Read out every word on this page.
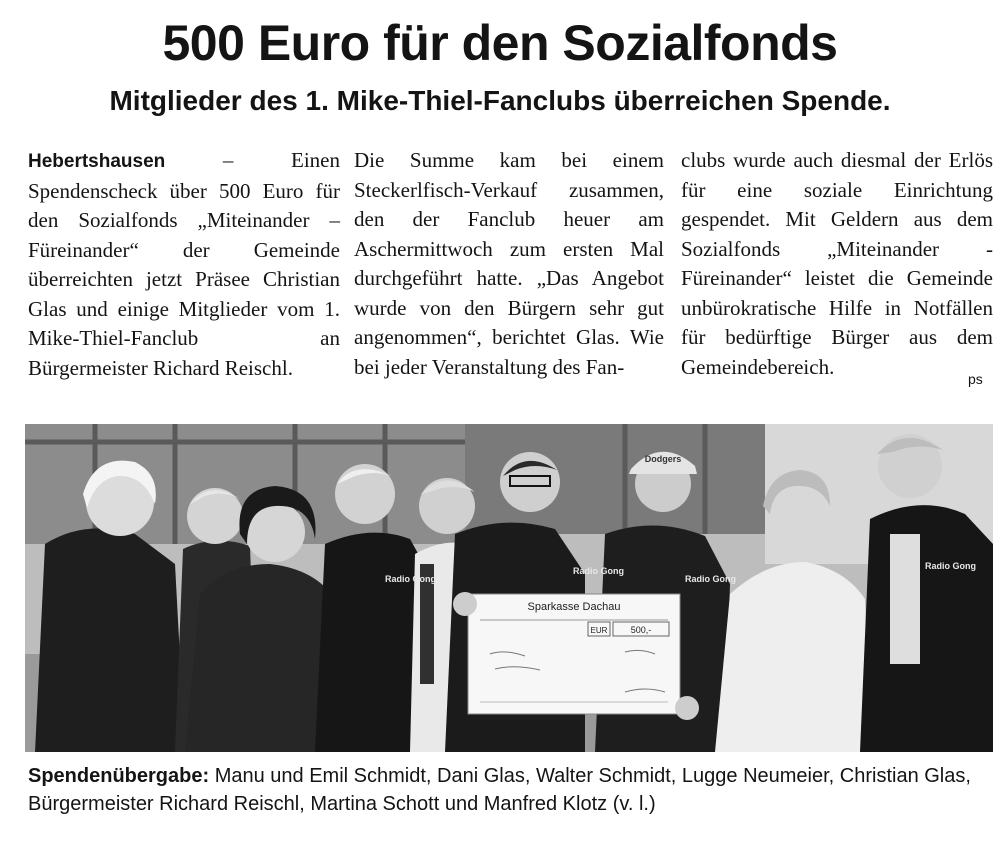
500 Euro für den Sozialfonds
Mitglieder des 1. Mike-Thiel-Fanclubs überreichen Spende.

Hebertshausen – Einen Spendenscheck über 500 Euro für den Sozialfonds „Miteinander – Füreinander“ der Gemeinde überreichten jetzt Präsee Christian Glas und einige Mitglieder vom 1. Mike-Thiel-Fanclub an Bürgermeister Richard Reischl.

Die Summe kam bei einem Steckerlfisch-Verkauf zusammen, den der Fanclub heuer am Aschermittwoch zum ersten Mal durchgeführt hatte. „Das Angebot wurde von den Bürgern sehr gut angenommen“, berichtet Glas. Wie bei jeder Veranstaltung des Fan-

clubs wurde auch diesmal der Erlös für eine soziale Einrichtung gespendet. Mit Geldern aus dem Sozialfonds „Miteinander - Füreinander“ leistet die Gemeinde unbürokratische Hilfe in Notfällen für bedürftige Bürger aus dem Gemeindebereich.

ps
Dodgers
Radio Gong
Radio Gong
Radio Gong
Radio Gong
Sparkasse Dachau
EUR	500,-

Spendenübergabe: Manu und Emil Schmidt, Dani Glas, Walter Schmidt, Lugge Neumeier, Christian Glas, Bürgermeister Richard Reischl, Martina Schott und Manfred Klotz (v. l.)
